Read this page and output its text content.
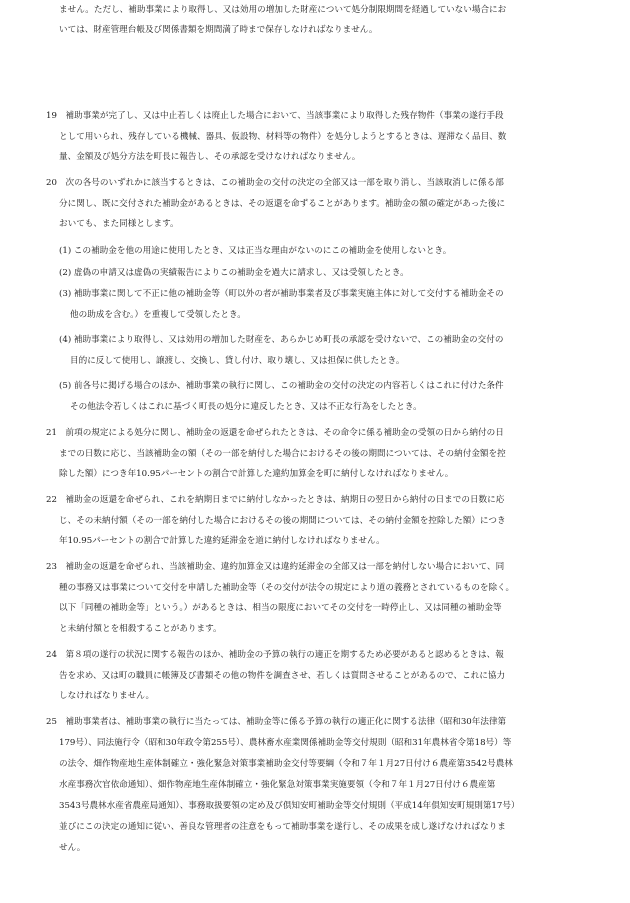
ません。ただし、補助事業により取得し、又は効用の増加した財産について処分制限期間を経過していない場合にお
いては、財産管理台帳及び関係書類を期間満了時まで保存しなければなりません。
19　補助事業が完了し、又は中止若しくは廃止した場合において、当該事業により取得した残存物件（事業の遂行手段
として用いられ、残存している機械、器具、仮設物、材料等の物件）を処分しようとするときは、遅滞なく品目、数
量、金額及び処分方法を町長に報告し、その承認を受けなければなりません。
20　次の各号のいずれかに該当するときは、この補助金の交付の決定の全部又は一部を取り消し、当該取消しに係る部
分に関し、既に交付された補助金があるときは、その返還を命ずることがあります。補助金の額の確定があった後に
おいても、また同様とします。
(1) この補助金を他の用途に使用したとき、又は正当な理由がないのにこの補助金を使用しないとき。
(2) 虚偽の申請又は虚偽の実績報告によりこの補助金を過大に請求し、又は受領したとき。
(3) 補助事業に関して不正に他の補助金等（町以外の者が補助事業者及び事業実施主体に対して交付する補助金その
他の助成を含む。）を重複して受領したとき。
(4) 補助事業により取得し、又は効用の増加した財産を、あらかじめ町長の承認を受けないで、この補助金の交付の
目的に反して使用し、譲渡し、交換し、貸し付け、取り壊し、又は担保に供したとき。
(5) 前各号に掲げる場合のほか、補助事業の執行に関し、この補助金の交付の決定の内容若しくはこれに付けた条件
その他法令若しくはこれに基づく町長の処分に違反したとき、又は不正な行為をしたとき。
21　前項の規定による処分に関し、補助金の返還を命ぜられたときは、その命令に係る補助金の受領の日から納付の日
までの日数に応じ、当該補助金の額（その一部を納付した場合におけるその後の期間については、その納付金額を控
除した額）につき年10.95パーセントの割合で計算した違約加算金を町に納付しなければなりません。
22　補助金の返還を命ぜられ、これを納期日までに納付しなかったときは、納期日の翌日から納付の日までの日数に応
じ、その未納付額（その一部を納付した場合におけるその後の期間については、その納付金額を控除した額）につき
年10.95パーセントの割合で計算した違約延滞金を道に納付しなければなりません。
23　補助金の返還を命ぜられ、当該補助金、違約加算金又は違約延滞金の全部又は一部を納付しない場合において、同
種の事務又は事業について交付を申請した補助金等（その交付が法令の規定により道の義務とされているものを除く。
以下「同種の補助金等」という。）があるときは、相当の限度においてその交付を一時停止し、又は同種の補助金等
と未納付額とを相殺することがあります。
24　第８項の遂行の状況に関する報告のほか、補助金の予算の執行の適正を期するため必要があると認めるときは、報
告を求め、又は町の職員に帳簿及び書類その他の物件を調査させ、若しくは質問させることがあるので、これに協力
しなければなりません。
25　補助事業者は、補助事業の執行に当たっては、補助金等に係る予算の執行の適正化に関する法律（昭和30年法律第
179号）、同法施行令（昭和30年政令第255号）、農林畜水産業関係補助金等交付規則（昭和31年農林省令第18号）等
の法令、畑作物産地生産体制確立・強化緊急対策事業補助金交付等要綱（令和７年１月27日付け６農産第3542号農林
水産事務次官依命通知）、畑作物産地生産体制確立・強化緊急対策事業実施要領（令和７年１月27日付け６農産第
3543号農林水産省農産局通知）、事務取扱要領の定め及び倶知安町補助金等交付規則（平成14年倶知安町規則第17号）
並びにこの決定の通知に従い、善良な管理者の注意をもって補助事業を遂行し、その成果を成し遂げなければなりま
せん。
